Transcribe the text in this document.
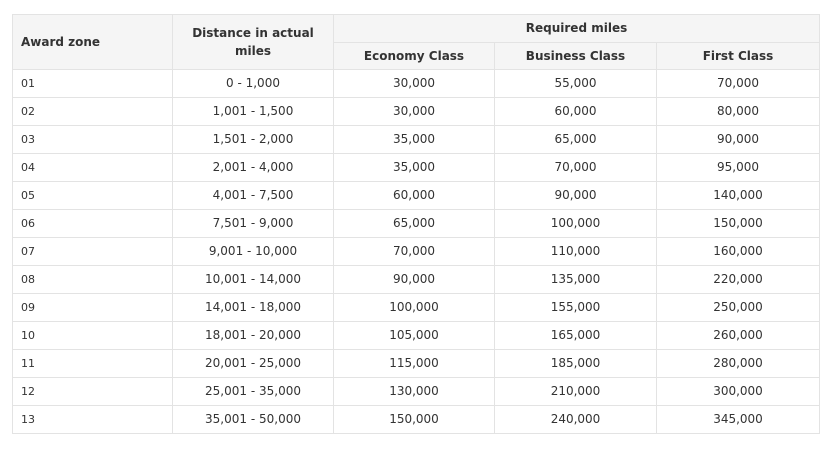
Award zone	Distance in actual miles	Required miles		
		Economy Class	Business Class	First Class
01	0 - 1,000	30,000	55,000	70,000
02	1,001 - 1,500	30,000	60,000	80,000
03	1,501 - 2,000	35,000	65,000	90,000
04	2,001 - 4,000	35,000	70,000	95,000
05	4,001 - 7,500	60,000	90,000	140,000
06	7,501 - 9,000	65,000	100,000	150,000
07	9,001 - 10,000	70,000	110,000	160,000
08	10,001 - 14,000	90,000	135,000	220,000
09	14,001 - 18,000	100,000	155,000	250,000
10	18,001 - 20,000	105,000	165,000	260,000
11	20,001 - 25,000	115,000	185,000	280,000
12	25,001 - 35,000	130,000	210,000	300,000
13	35,001 - 50,000	150,000	240,000	345,000
